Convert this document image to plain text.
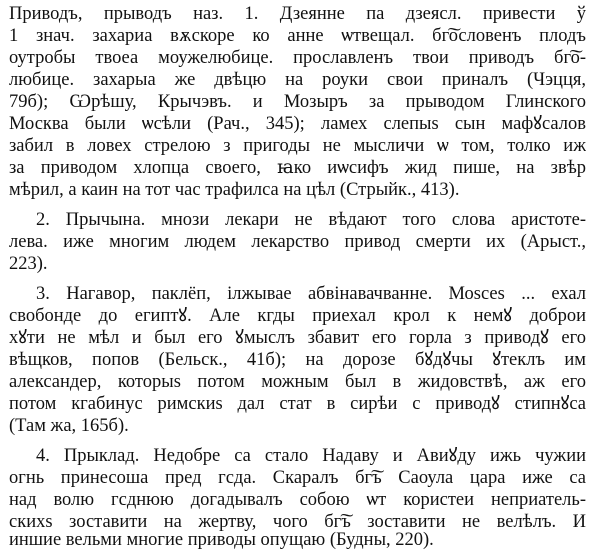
Приводъ, прыводъ наз. 1. Дзеянне па дзеясл. привести ў
1 знач. захариа вѫскоре ко анне ѡтвещал. бг͠ословенъ плодъ
оутробы твоеа моужелюбице. прославленъ твои приводъ бг͠о-
любице. захарыа же двѣцю на роуки свои приналъ (Чэцця,
79б); Ѡрѣшу, Крычэвъ. и Мозыръ за прыводом Глинского
Москва были ѡсѣли (Рач., 345); ламех слепыѕ сын мафꙋсалов
забил в ловех стрелою з пригоды не мысличи ѡ том, толко иж
за приводом хлопца своего, ꙗко иѡсифъ жид пише, на звѣр
мѣрил, а каин на тот час трафилса на цѣл (Стрыйк., 413).
2. Прычына. мнози лекари не вѣдают того слова аристоте-
лева. иже многим людем лекарство привод смерти их (Арыст.,
223).
3. Нагавор, паклёп, ілжывае абвінавачванне. Моѕсеѕ ... ехал
свобонде до египтꙋ. Але кгды приехал крол к немꙋ доброи
хꙋти не мѣл и был его ꙋмыслъ збавит его горла з приводꙋ его
вѣщков, попов (Бельск., 41б); на дорозе бꙋдꙋчы ꙋтеклъ им
александер, которыѕ потом можным был в жидовствѣ, аж его
потом кгабинус римскиѕ дал стат в сирѣи с приводꙋ стипнꙋса
(Там жа, 165б).
4. Прыклад. Недобре са стало Надаву и Авиꙋду ижь чужии
огнь принесоша пред гсда. Скаралъ бг͠ъ Саоула цара иже са
над волю гсднюю догадывалъ собою ѡт користеи неприатель-
скихѕ зоставити на жертву, чого бг͠ъ зоставити не велѣлъ. И
иншие вельми многие приводы опущаю (Будны, 220).
